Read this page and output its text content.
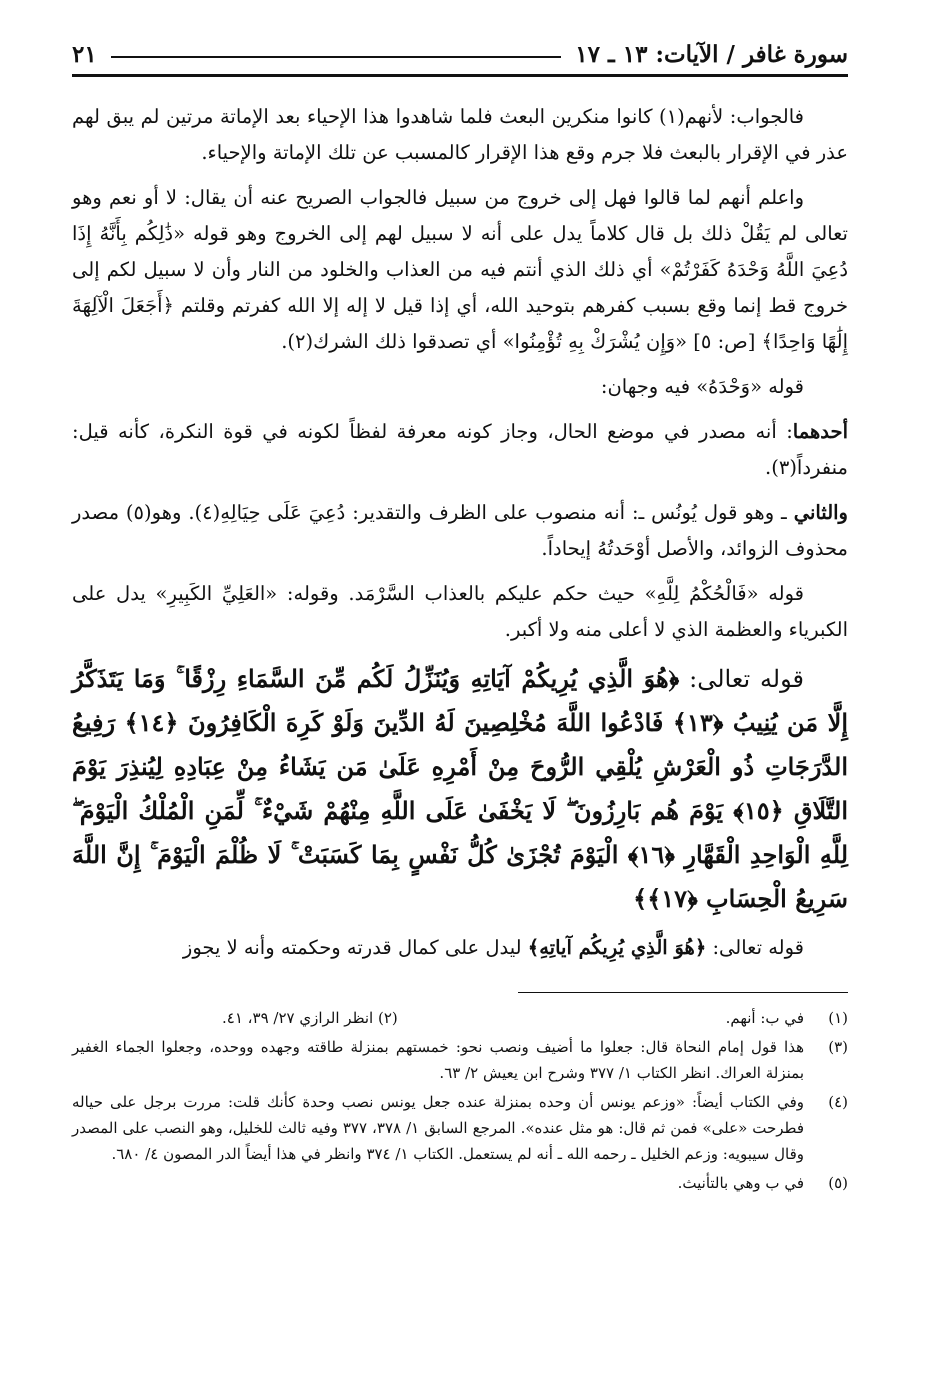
سورة غافر / الآيات: ١٣ ـ ١٧
٢١

فالجواب: لأنهم(١) كانوا منكرين البعث فلما شاهدوا هذا الإحياء بعد الإماتة مرتين لم يبق لهم عذر في الإقرار بالبعث فلا جرم وقع هذا الإقرار كالمسبب عن تلك الإماتة والإحياء.

واعلم أنهم لما قالوا فهل إلى خروج من سبيل فالجواب الصريح عنه أن يقال: لا أو نعم وهو تعالى لم يَقُلْ ذلك بل قال كلاماً يدل على أنه لا سبيل لهم إلى الخروج وهو قوله «ذَٰلِكُم بِأَنَّهُ إِذَا دُعِيَ اللَّهُ وَحْدَهُ كَفَرْتُمْ» أي ذلك الذي أنتم فيه من العذاب والخلود من النار وأن لا سبيل لكم إلى خروج قط إنما وقع بسبب كفرهم بتوحيد الله، أي إذا قيل لا إله إلا الله كفرتم وقلتم ﴿أَجَعَلَ الْآلِهَةَ إِلَٰهًا وَاحِدًا﴾ [ص: ٥] «وَإِن يُشْرَكْ بِهِ تُؤْمِنُوا» أي تصدقوا ذلك الشرك(٢).

قوله «وَحْدَهُ» فيه وجهان:

أحدهما: أنه مصدر في موضع الحال، وجاز كونه معرفة لفظاً لكونه في قوة النكرة، كأنه قيل: منفرداً(٣).

والثاني ـ وهو قول يُونُس ـ: أنه منصوب على الظرف والتقدير: دُعِيَ عَلَى حِيَالِهِ(٤). وهو(٥) مصدر محذوف الزوائد، والأصل أوْحَدتُهُ إيحاداً.

قوله «فَالْحُكْمُ لِلَّهِ» حيث حكم عليكم بالعذاب السَّرْمَد. وقوله: «العَلِيِّ الكَبِيرِ» يدل على الكبرياء والعظمة الذي لا أعلى منه ولا أكبر.

قوله تعالى: ﴿هُوَ الَّذِي يُرِيكُمْ آيَاتِهِ وَيُنَزِّلُ لَكُم مِّنَ السَّمَاءِ رِزْقًا ۚ وَمَا يَتَذَكَّرُ إِلَّا مَن يُنِيبُ ﴿١٣﴾ فَادْعُوا اللَّهَ مُخْلِصِينَ لَهُ الدِّينَ وَلَوْ كَرِهَ الْكَافِرُونَ ﴿١٤﴾ رَفِيعُ الدَّرَجَاتِ ذُو الْعَرْشِ يُلْقِي الرُّوحَ مِنْ أَمْرِهِ عَلَىٰ مَن يَشَاءُ مِنْ عِبَادِهِ لِيُنذِرَ يَوْمَ التَّلَاقِ ﴿١٥﴾ يَوْمَ هُم بَارِزُونَ ۖ لَا يَخْفَىٰ عَلَى اللَّهِ مِنْهُمْ شَيْءٌ ۚ لِّمَنِ الْمُلْكُ الْيَوْمَ ۖ لِلَّهِ الْوَاحِدِ الْقَهَّارِ ﴿١٦﴾ الْيَوْمَ تُجْزَىٰ كُلُّ نَفْسٍ بِمَا كَسَبَتْ ۚ لَا ظُلْمَ الْيَوْمَ ۚ إِنَّ اللَّهَ سَرِيعُ الْحِسَابِ ﴿١٧﴾﴾

قوله تعالى: ﴿هُوَ الَّذِي يُرِيكُم آياتِهِ﴾ ليدل على كمال قدرته وحكمته وأنه لا يجوز

(١)
في ب: أنهم.
(٢) انظر الرازي ٢٧/ ٣٩، ٤١.
(٣)
هذا قول إمام النحاة قال: جعلوا ما أضيف ونصب نحو: خمستهم بمنزلة طاقته وجهده ووحده، وجعلوا الجماء الغفير بمنزلة العراك. انظر الكتاب ١/ ٣٧٧ وشرح ابن يعيش ٢/ ٦٣.
(٤)
وفي الكتاب أيضاً: «وزعم يونس أن وحده بمنزلة عنده جعل يونس نصب وحدة كأنك قلت: مررت برجل على حياله فطرحت «على» فمن ثم قال: هو مثل عنده». المرجع السابق ١/ ٣٧٨، ٣٧٧ وفيه ثالث للخليل، وهو النصب على المصدر وقال سيبويه: وزعم الخليل ـ رحمه الله ـ أنه لم يستعمل. الكتاب ١/ ٣٧٤ وانظر في هذا أيضاً الدر المصون ٤/ ٦٨٠.
(٥)
في ب وهي بالتأنيث.
